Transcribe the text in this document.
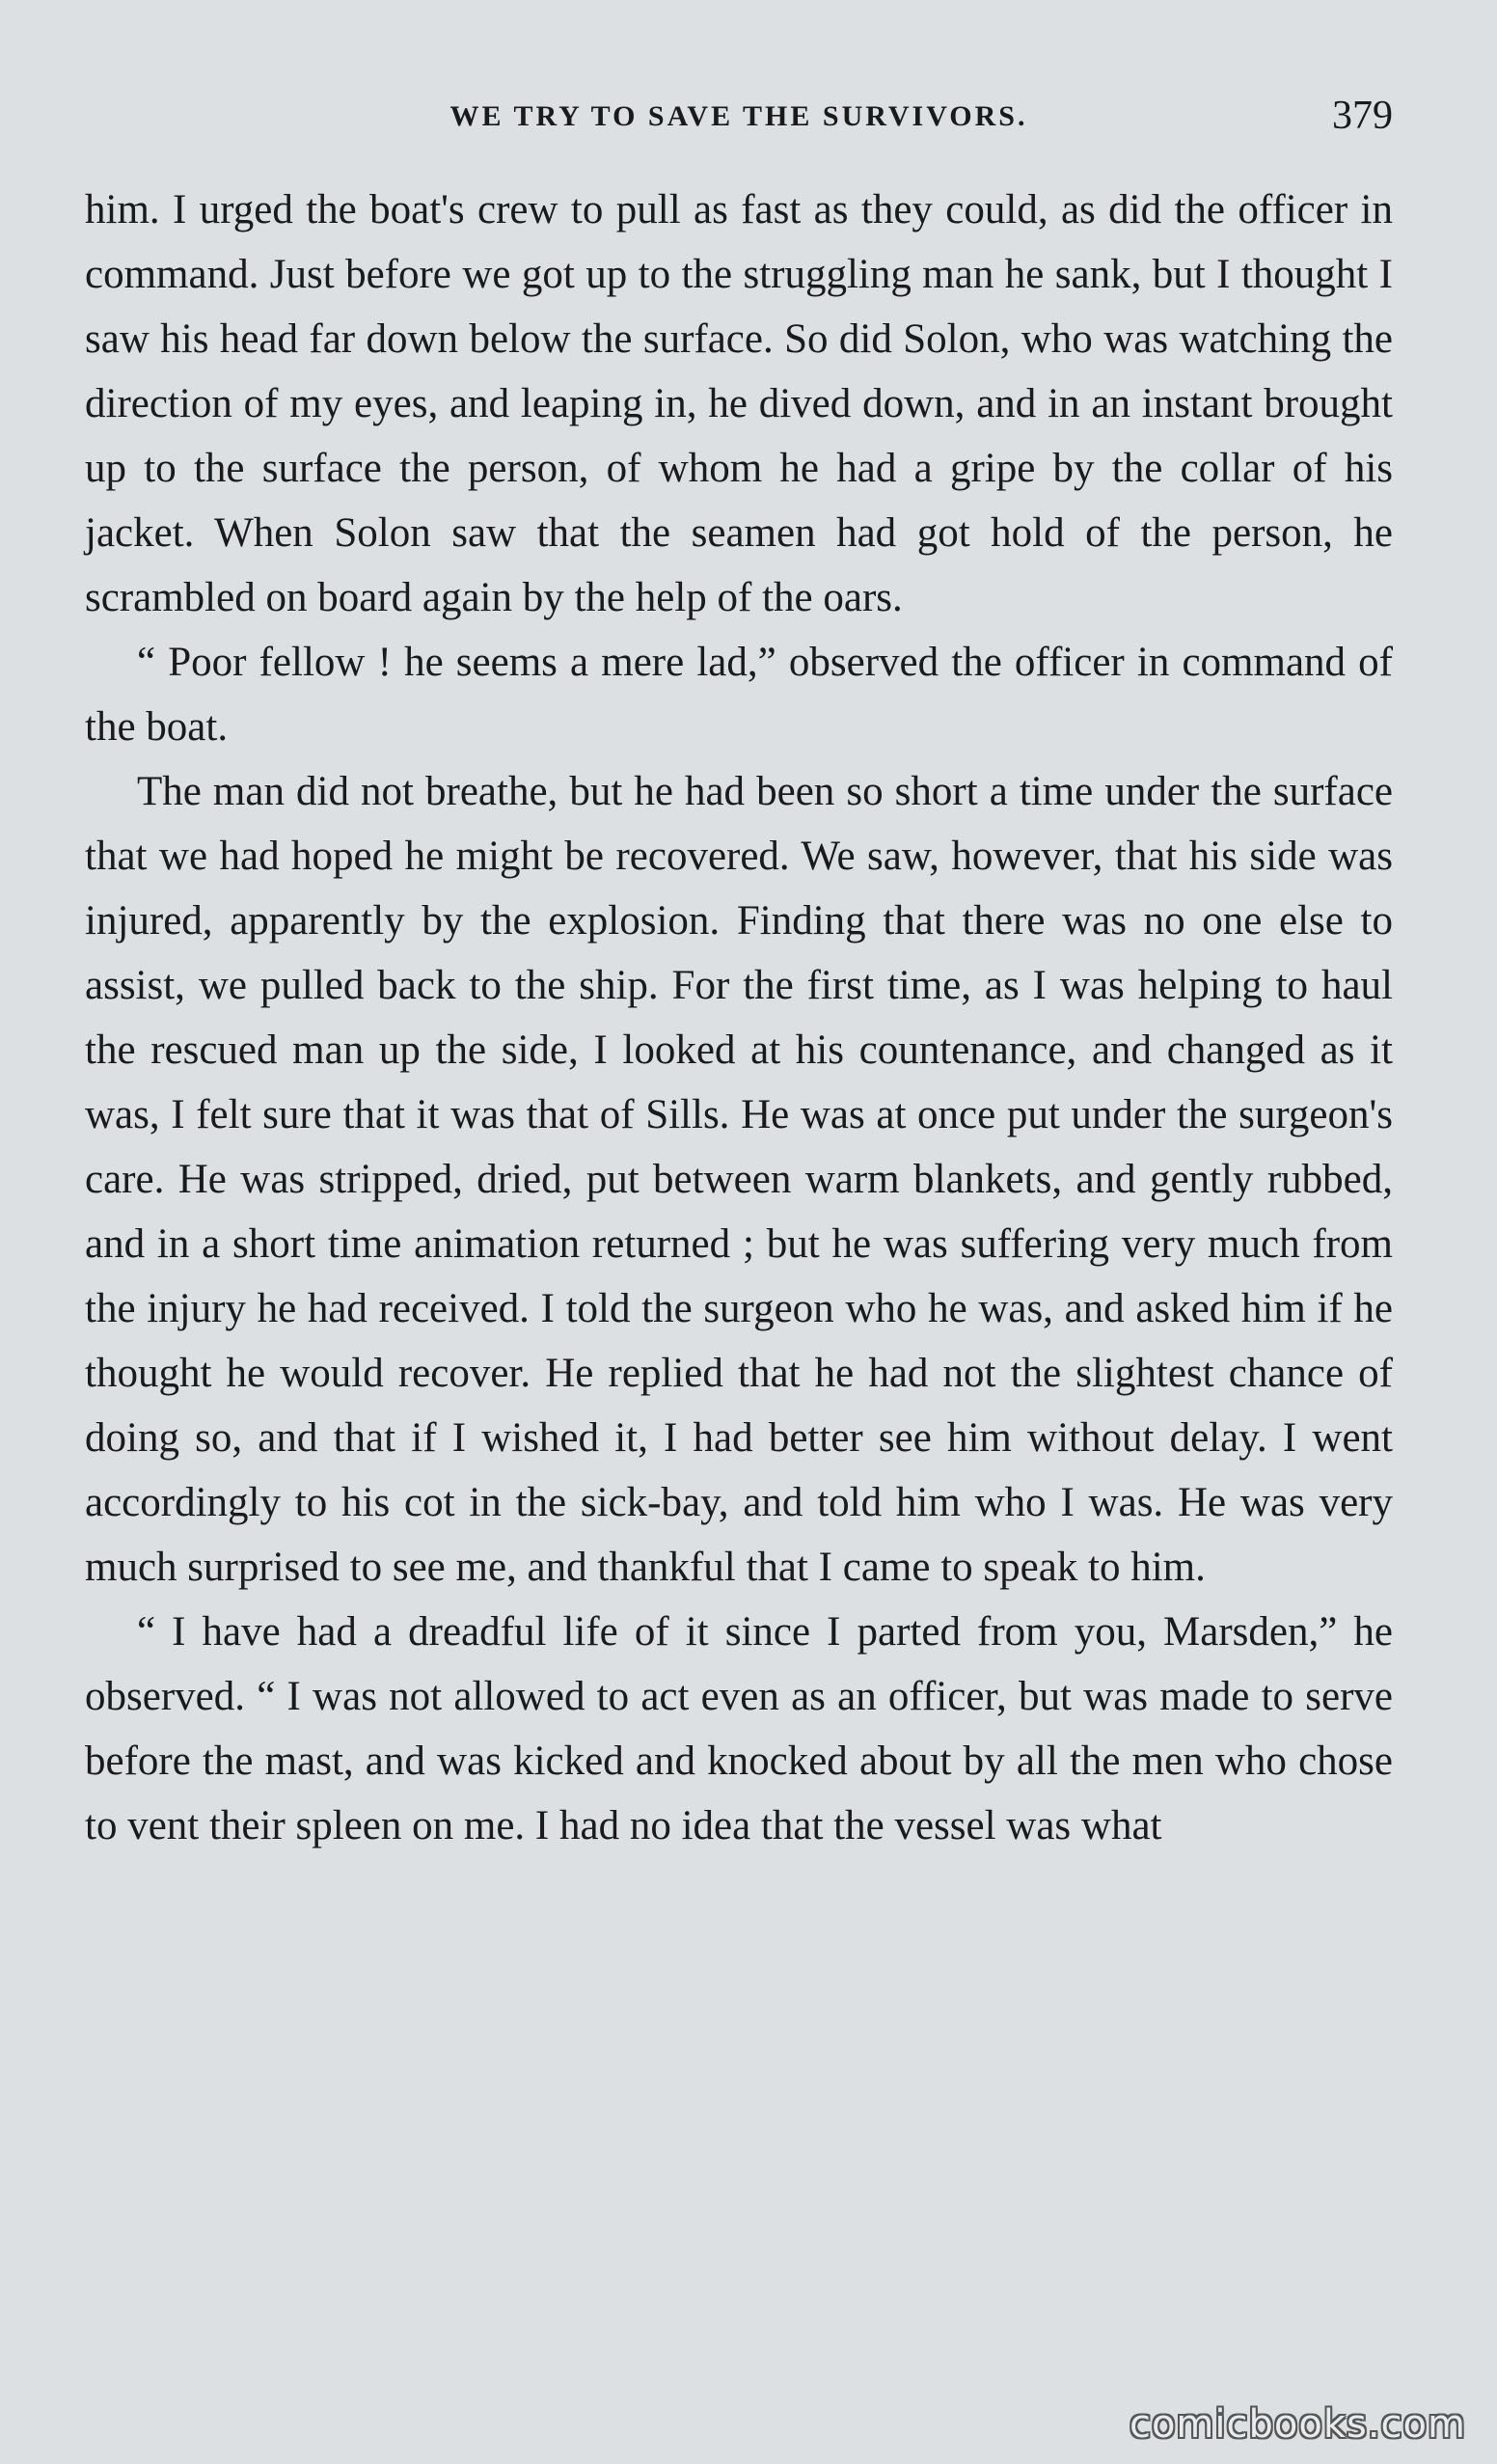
WE TRY TO SAVE THE SURVIVORS.	379

him. I urged the boat's crew to pull as fast as they could, as did the officer in command. Just before we got up to the struggling man he sank, but I thought I saw his head far down below the surface. So did Solon, who was watching the direction of my eyes, and leaping in, he dived down, and in an instant brought up to the surface the person, of whom he had a gripe by the collar of his jacket. When Solon saw that the seamen had got hold of the person, he scrambled on board again by the help of the oars.

“ Poor fellow ! he seems a mere lad,” observed the officer in command of the boat.

The man did not breathe, but he had been so short a time under the surface that we had hoped he might be recovered. We saw, however, that his side was injured, apparently by the explosion. Finding that there was no one else to assist, we pulled back to the ship. For the first time, as I was helping to haul the rescued man up the side, I looked at his countenance, and changed as it was, I felt sure that it was that of Sills. He was at once put under the surgeon's care. He was stripped, dried, put between warm blankets, and gently rubbed, and in a short time animation returned ; but he was suffering very much from the injury he had received. I told the surgeon who he was, and asked him if he thought he would recover. He replied that he had not the slightest chance of doing so, and that if I wished it, I had better see him without delay. I went accordingly to his cot in the sick-bay, and told him who I was. He was very much surprised to see me, and thankful that I came to speak to him.

“ I have had a dreadful life of it since I parted from you, Marsden,” he observed. “ I was not allowed to act even as an officer, but was made to serve before the mast, and was kicked and knocked about by all the men who chose to vent their spleen on me. I had no idea that the vessel was what

comicbooks.com
